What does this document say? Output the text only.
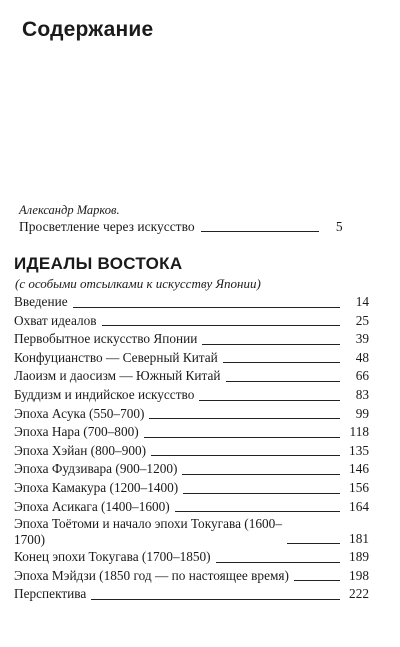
Содержание
Александр Марков.
Просветление через искусство	5
ИДЕАЛЫ ВОСТОКА
(с особыми отсылками к искусству Японии)
Введение	14
Охват идеалов	25
Первобытное искусство Японии	39
Конфуцианство — Северный Китай	48
Лаоизм и даосизм — Южный Китай	66
Буддизм и индийское искусство	83
Эпоха Асука (550–700)	99
Эпоха Нара (700–800)	118
Эпоха Хэйан (800–900)	135
Эпоха Фудзивара (900–1200)	146
Эпоха Камакура (1200–1400)	156
Эпоха Асикага (1400–1600)	164
Эпоха Тоётоми и начало эпохи Токугава (1600–1700)	181
Конец эпохи Токугава (1700–1850)	189
Эпоха Мэйдзи (1850 год — по настоящее время)	198
Перспектива	222
